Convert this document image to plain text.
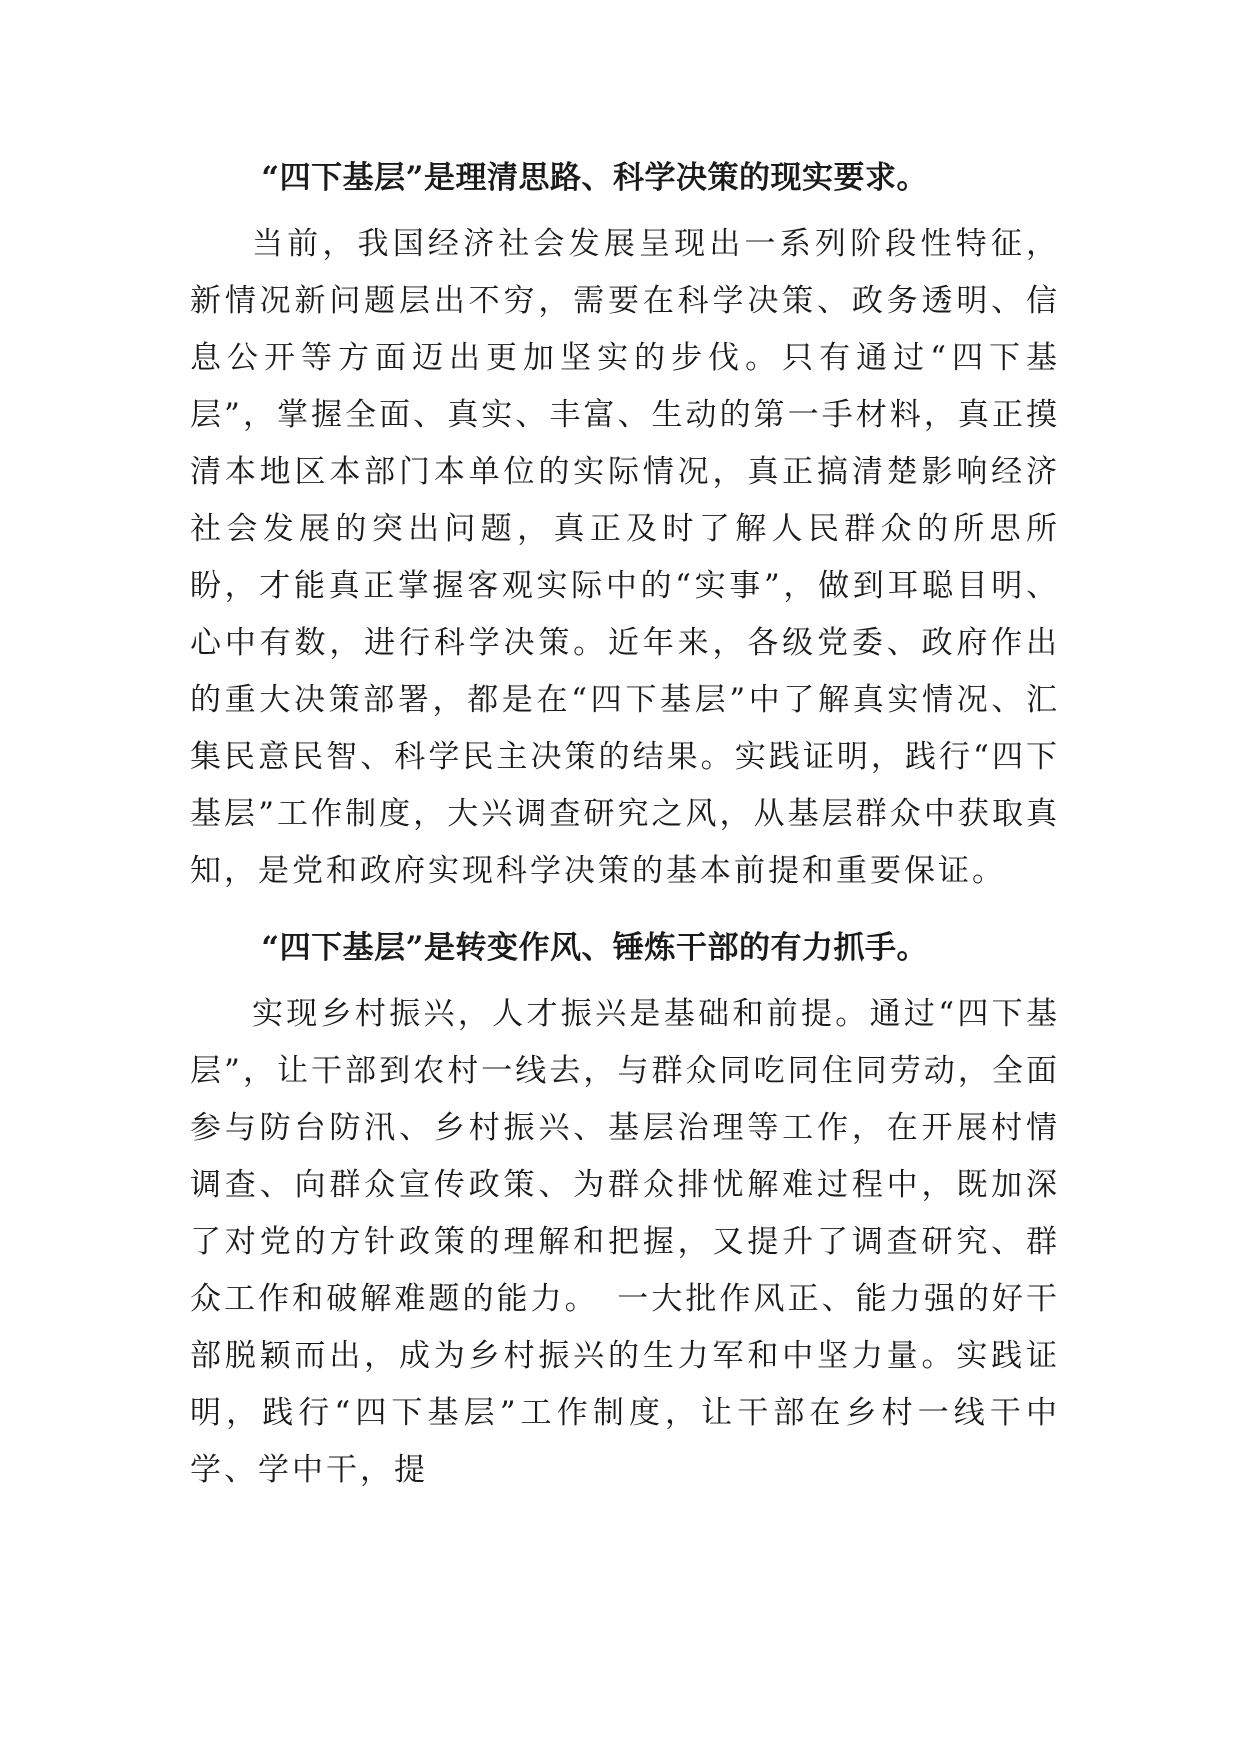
“四下基层”是理清思路、科学决策的现实要求。

当前，我国经济社会发展呈现出一系列阶段性特征，新情况新问题层出不穷，需要在科学决策、政务透明、信息公开等方面迈出更加坚实的步伐。只有通过“四下基层”，掌握全面、真实、丰富、生动的第一手材料，真正摸清本地区本部门本单位的实际情况，真正搞清楚影响经济社会发展的突出问题，真正及时了解人民群众的所思所盼，才能真正掌握客观实际中的“实事”，做到耳聪目明、心中有数，进行科学决策。近年来，各级党委、政府作出的重大决策部署，都是在“四下基层”中了解真实情况、汇集民意民智、科学民主决策的结果。实践证明，践行“四下基层”工作制度，大兴调查研究之风，从基层群众中获取真知，是党和政府实现科学决策的基本前提和重要保证。

“四下基层”是转变作风、锤炼干部的有力抓手。

实现乡村振兴，人才振兴是基础和前提。通过“四下基层”，让干部到农村一线去，与群众同吃同住同劳动，全面参与防台防汛、乡村振兴、基层治理等工作，在开展村情调查、向群众宣传政策、为群众排忧解难过程中，既加深了对党的方针政策的理解和把握，又提升了调查研究、群众工作和破解难题的能力。　一大批作风正、能力强的好干部脱颖而出，成为乡村振兴的生力军和中坚力量。实践证明，践行“四下基层”工作制度，让干部在乡村一线干中学、学中干，提
